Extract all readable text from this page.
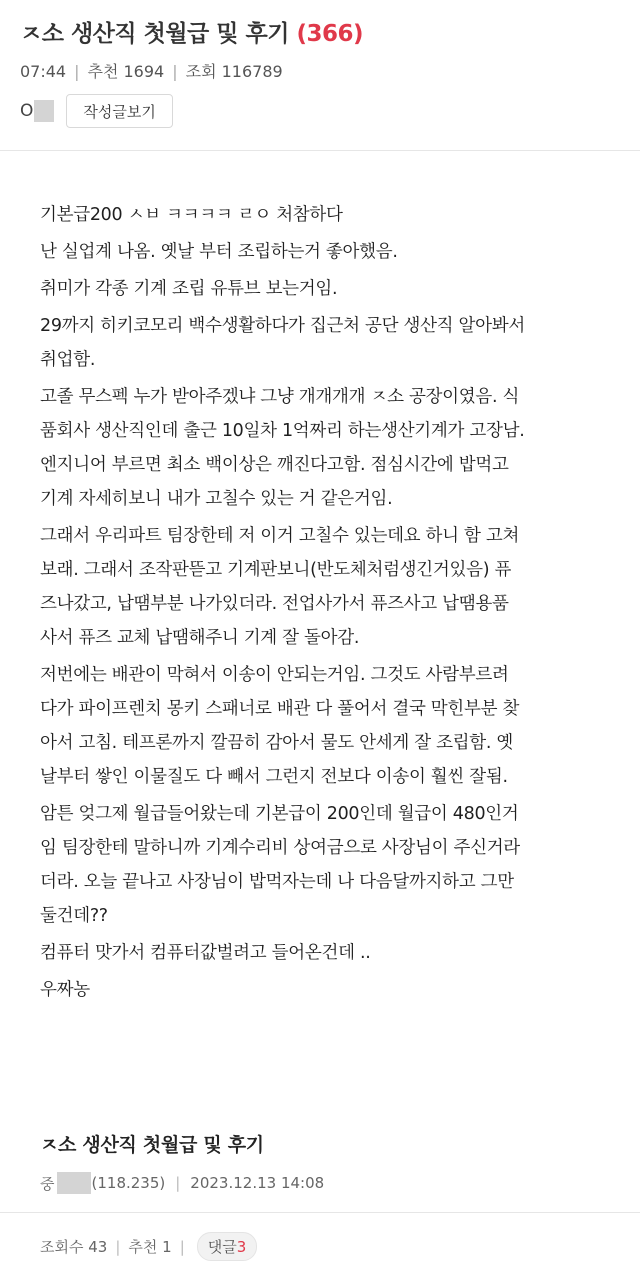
ㅈ소 생산직 첫월급 및 후기 (366)
07:44 | 추천 1694 | 조회 116789
O	작성글보기

기본급200 ㅅㅂ ㅋㅋㅋㅋ ㄹㅇ 처참하다

난 실업계 나옴. 옛날 부터 조립하는거 좋아했음.

취미가 각종 기계 조립 유튜브 보는거임.

29까지 히키코모리 백수생활하다가 집근처 공단 생산직 알아봐서

취업함.

고졸 무스펙 누가 받아주겠냐 그냥 개개개개 ㅈ소 공장이였음. 식

품회사 생산직인데 출근 10일차 1억짜리 하는생산기계가 고장남.

엔지니어 부르면 최소 백이상은 깨진다고함. 점심시간에 밥먹고

기계 자세히보니 내가 고칠수 있는 거 같은거임.

그래서 우리파트 팀장한테 저 이거 고칠수 있는데요 하니 함 고쳐

보래. 그래서 조작판뜯고 기계판보니(반도체처럼생긴거있음) 퓨

즈나갔고, 납땜부분 나가있더라. 전업사가서 퓨즈사고 납땜용품

사서 퓨즈 교체 납땜해주니 기계 잘 돌아감.

저번에는 배관이 막혀서 이송이 안되는거임. 그것도 사람부르려

다가 파이프렌치 몽키 스패너로 배관 다 풀어서 결국 막힌부분 찾

아서 고침. 테프론까지 깔끔히 감아서 물도 안세게 잘 조립함. 옛

날부터 쌓인 이물질도 다 빼서 그런지 전보다 이송이 훨씬 잘됨.

암튼 엊그제 월급들어왔는데 기본급이 200인데 월급이 480인거

임 팀장한테 말하니까 기계수리비 상여금으로 사장님이 주신거라

더라. 오늘 끝나고 사장님이 밥먹자는데 나 다음달까지하고 그만

둘건데??

컴퓨터 맛가서 컴퓨터값벌려고 들어온건데 ..

우짜농

ㅈ소 생산직 첫월급 및 후기
중 (118.235) | 2023.12.13 14:08
조회수 43 | 추천 1 |	댓글3
